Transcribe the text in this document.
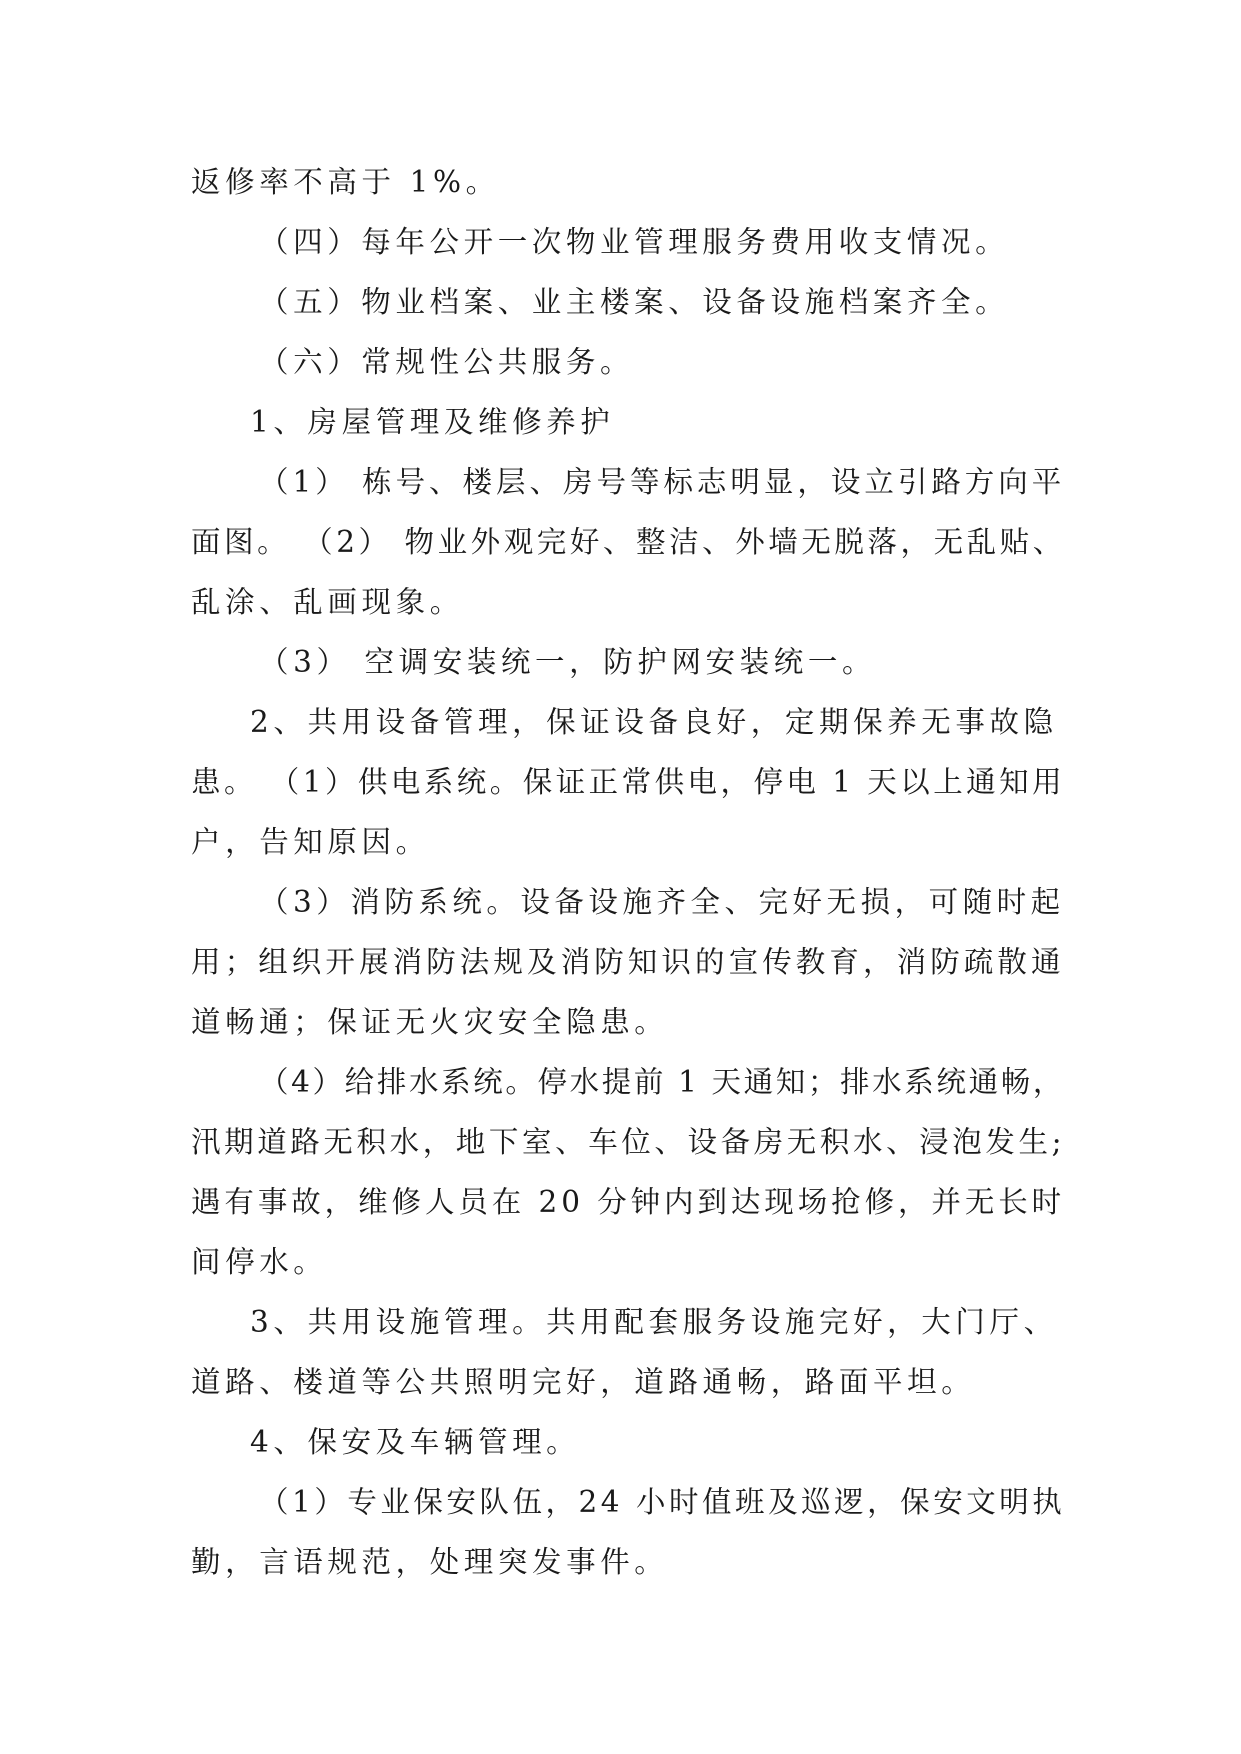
返修率不高于 1%。
（四）每年公开一次物业管理服务费用收支情况。
（五）物业档案、业主楼案、设备设施档案齐全。
（六）常规性公共服务。
1、房屋管理及维修养护
（1） 栋号、楼层、房号等标志明显，设立引路方向平
面图。 （2） 物业外观完好、整洁、外墙无脱落，无乱贴、
乱涂、乱画现象。
（3） 空调安装统一，防护网安装统一。
2、共用设备管理，保证设备良好，定期保养无事故隐
患。 （1）供电系统。保证正常供电，停电 1 天以上通知用
户，告知原因。
（3）消防系统。设备设施齐全、完好无损，可随时起
用；组织开展消防法规及消防知识的宣传教育，消防疏散通
道畅通；保证无火灾安全隐患。
（4）给排水系统。停水提前 1 天通知；排水系统通畅，
汛期道路无积水，地下室、车位、设备房无积水、浸泡发生;
遇有事故，维修人员在 20 分钟内到达现场抢修，并无长时
间停水。
3、共用设施管理。共用配套服务设施完好，大门厅、
道路、楼道等公共照明完好，道路通畅，路面平坦。
4、保安及车辆管理。
（1）专业保安队伍，24 小时值班及巡逻，保安文明执
勤，言语规范，处理突发事件。
